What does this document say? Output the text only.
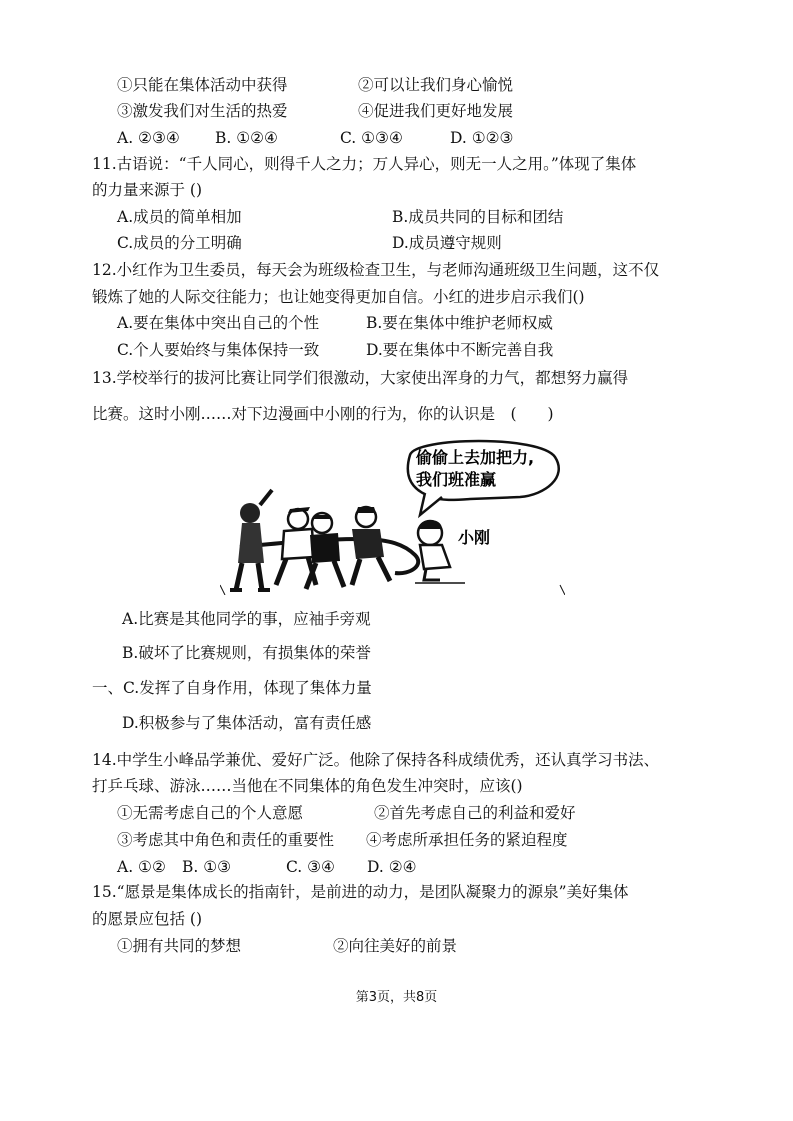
①只能在集体活动中获得	②可以让我们身心愉悦
③激发我们对生活的热爱	④促进我们更好地发展
A. ②③④ B. ①②④	C. ①③④	D. ①②③
11.古语说：“千人同心，则得千人之力；万人异心，则无一人之用。”体现了集体
的力量来源于 ()
A.成员的简单相加	B.成员共同的目标和团结
C.成员的分工明确	D.成员遵守规则
12.小红作为卫生委员，每天会为班级检查卫生，与老师沟通班级卫生问题，这不仅
锻炼了她的人际交往能力；也让她变得更加自信。小红的进步启示我们()
A.要在集体中突出自己的个性	B.要在集体中维护老师权威
C.个人要始终与集体保持一致	D.要在集体中不断完善自我
13.学校举行的拔河比赛让同学们很激动，大家使出浑身的力气，都想努力赢得
比赛。这时小刚……对下边漫画中小刚的行为，你的认识是　(　　)
偷偷上去加把力,
我们班准赢
小刚
A.比赛是其他同学的事，应袖手旁观
B.破坏了比赛规则，有损集体的荣誉
一、C.发挥了自身作用，体现了集体力量
D.积极参与了集体活动，富有责任感
14.中学生小峰品学兼优、爱好广泛。他除了保持各科成绩优秀，还认真学习书法、
打乒乓球、游泳……当他在不同集体的角色发生冲突时，应该()
①无需考虑自己的个人意愿	②首先考虑自己的利益和爱好
③考虑其中角色和责任的重要性 ④考虑所承担任务的紧迫程度
A. ①② B. ①③	C. ③④ D. ②④
15.“愿景是集体成长的指南针，是前进的动力，是团队凝聚力的源泉”美好集体
的愿景应包括 ()
①拥有共同的梦想	②向往美好的前景
第3页，共8页
